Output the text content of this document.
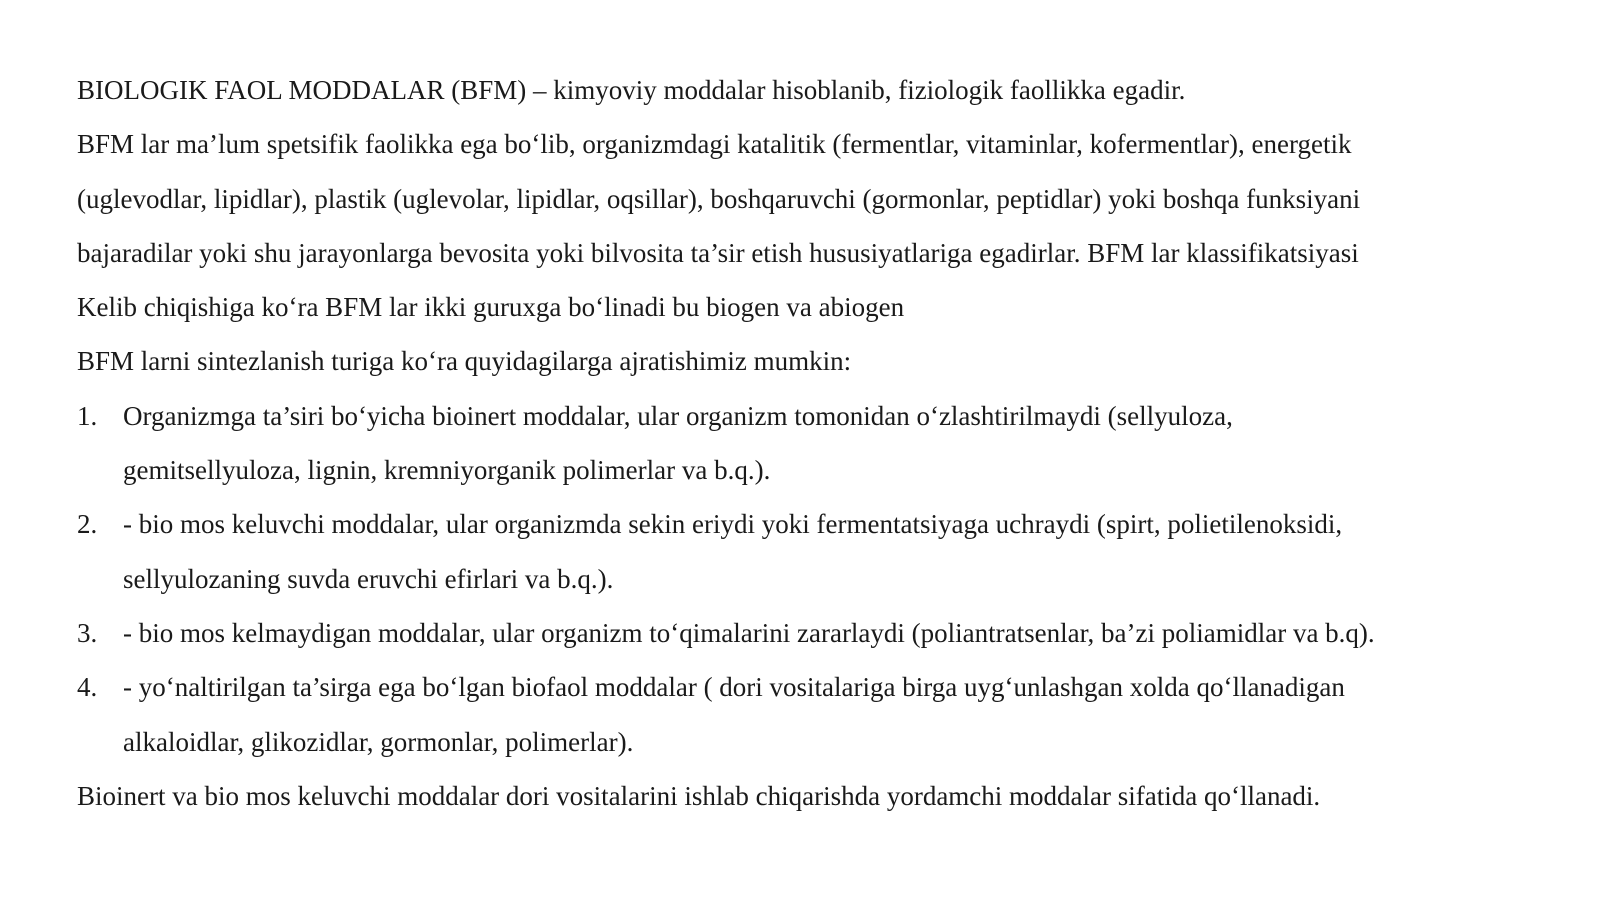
BIOLOGIK FAOL MODDALAR (BFM) – kimyoviy moddalar hisoblanib, fiziologik faollikka egadir.

BFM lar ma’lum spetsifik faolikka ega bo‘lib, organizmdagi katalitik (fermentlar, vitaminlar, kofermentlar), energetik

(uglevodlar, lipidlar), plastik (uglevolar, lipidlar, oqsillar), boshqaruvchi (gormonlar, peptidlar) yoki boshqa funksiyani

bajaradilar yoki shu jarayonlarga bevosita yoki bilvosita ta’sir etish hususiyatlariga egadirlar. BFM lar klassifikatsiyasi

Kelib chiqishiga ko‘ra BFM lar ikki guruxga bo‘linadi bu biogen va abiogen

BFM larni sintezlanish turiga ko‘ra quyidagilarga ajratishimiz mumkin:

1. Organizmga ta’siri bo‘yicha bioinert moddalar, ular organizm tomonidan o‘zlashtirilmaydi (sellyuloza,
gemitsellyuloza, lignin, kremniyorganik polimerlar va b.q.).
2. - bio mos keluvchi moddalar, ular organizmda sekin eriydi yoki fermentatsiyaga uchraydi (spirt, polietilenoksidi,
sellyulozaning suvda eruvchi efirlari va b.q.).
3. - bio mos kelmaydigan moddalar, ular organizm to‘qimalarini zararlaydi (poliantratsenlar, ba’zi poliamidlar va b.q).
4. - yo‘naltirilgan ta’sirga ega bo‘lgan biofaol moddalar ( dori vositalariga birga uyg‘unlashgan xolda qo‘llanadigan
alkaloidlar, glikozidlar, gormonlar, polimerlar).

Bioinert va bio mos keluvchi moddalar dori vositalarini ishlab chiqarishda yordamchi moddalar sifatida qo‘llanadi.
